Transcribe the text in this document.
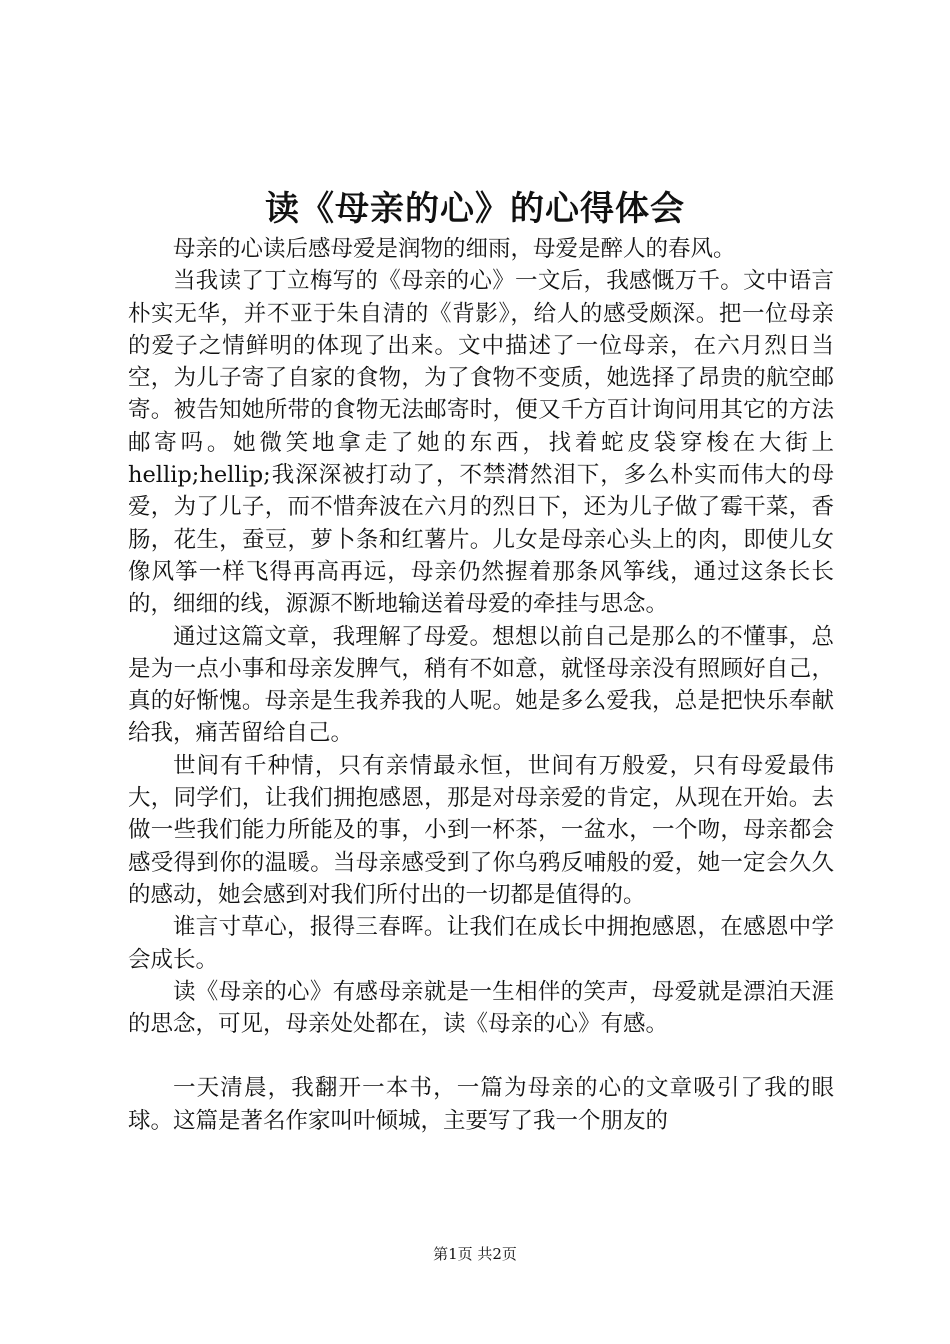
读《母亲的心》的心得体会

母亲的心读后感母爱是润物的细雨，母爱是醉人的春风。

当我读了丁立梅写的《母亲的心》一文后，我感慨万千。文中语言朴实无华，并不亚于朱自清的《背影》，给人的感受颇深。把一位母亲的爱子之情鲜明的体现了出来。文中描述了一位母亲，在六月烈日当空，为儿子寄了自家的食物，为了食物不变质，她选择了昂贵的航空邮寄。被告知她所带的食物无法邮寄时，便又千方百计询问用其它的方法邮寄吗。她微笑地拿走了她的东西，找着蛇皮袋穿梭在大街上hellip;hellip;我深深被打动了，不禁潸然泪下，多么朴实而伟大的母爱，为了儿子，而不惜奔波在六月的烈日下，还为儿子做了霉干菜，香肠，花生，蚕豆，萝卜条和红薯片。儿女是母亲心头上的肉，即使儿女像风筝一样飞得再高再远，母亲仍然握着那条风筝线，通过这条长长的，细细的线，源源不断地输送着母爱的牵挂与思念。

通过这篇文章，我理解了母爱。想想以前自己是那么的不懂事，总是为一点小事和母亲发脾气，稍有不如意，就怪母亲没有照顾好自己，真的好惭愧。母亲是生我养我的人呢。她是多么爱我，总是把快乐奉献给我，痛苦留给自己。

世间有千种情，只有亲情最永恒，世间有万般爱，只有母爱最伟大，同学们，让我们拥抱感恩，那是对母亲爱的肯定，从现在开始。去做一些我们能力所能及的事，小到一杯茶，一盆水，一个吻，母亲都会感受得到你的温暖。当母亲感受到了你乌鸦反哺般的爱，她一定会久久的感动，她会感到对我们所付出的一切都是值得的。

谁言寸草心，报得三春晖。让我们在成长中拥抱感恩，在感恩中学会成长。

读《母亲的心》有感母亲就是一生相伴的笑声，母爱就是漂泊天涯的思念，可见，母亲处处都在，读《母亲的心》有感。

一天清晨，我翻开一本书，一篇为母亲的心的文章吸引了我的眼球。这篇是著名作家叫叶倾城，主要写了我一个朋友的

第1页 共2页
